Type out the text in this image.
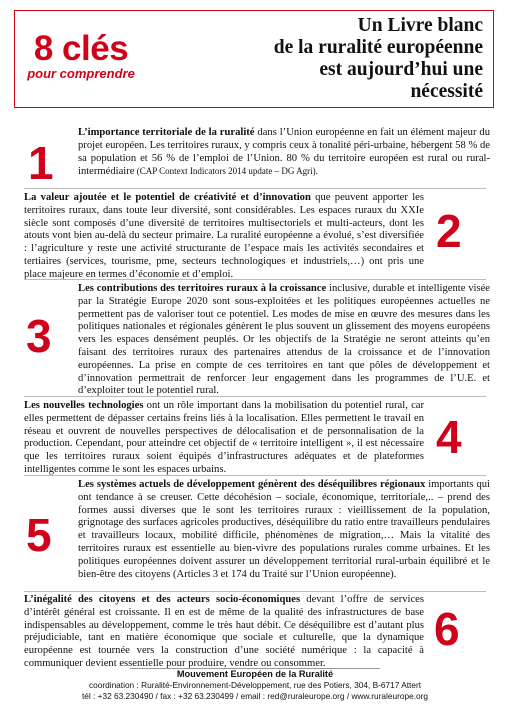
8 clés
pour comprendre
Un Livre blanc
de la ruralité européenne
est aujourd’hui une
nécessité
1
L’importance territoriale de la ruralité dans l’Union européenne en fait un élément majeur du projet européen. Les territoires ruraux, y compris ceux à tonalité péri-urbaine, hébergent 58 % de sa population et 56 % de l’emploi de l’Union. 80 % du territoire européen est rural ou rural-intermédiaire (CAP Context Indicators 2014 update – DG Agri).
La valeur ajoutée et le potentiel de créativité et d’innovation que peuvent apporter les territoires ruraux, dans toute leur diversité, sont considérables. Les espaces ruraux du XXIe siècle sont composés d’une diversité de territoires multisectoriels et multi-acteurs, dont les atouts vont bien au-delà du secteur primaire. La ruralité européenne a évolué, s’est diversifiée : l’agriculture y reste une activité structurante de l’espace mais les activités secondaires et tertiaires (services, tourisme, pme, secteurs technologiques et industriels,…) ont pris une place majeure en termes d’économie et d’emploi.
2
3
Les contributions des territoires ruraux à la croissance inclusive, durable et intelligente visée par la Stratégie Europe 2020 sont sous-exploitées et les politiques européennes actuelles ne permettent pas de valoriser tout ce potentiel. Les modes de mise en œuvre des mesures dans les politiques nationales et régionales génèrent le plus souvent un glissement des moyens européens vers les espaces densément peuplés. Or les objectifs de la Stratégie ne seront atteints qu’en faisant des territoires ruraux des partenaires attendus de la croissance et de l’innovation européennes. La prise en compte de ces territoires en tant que pôles de développement et d’innovation permettrait de renforcer leur engagement dans les programmes de l’U.E. et d’exploiter tout le potentiel rural.
Les nouvelles technologies ont un rôle important dans la mobilisation du potentiel rural, car elles permettent de dépasser certains freins liés à la localisation. Elles permettent le travail en réseau et ouvrent de nouvelles perspectives de délocalisation et de personnalisation de la production. Cependant, pour atteindre cet objectif de « territoire intelligent », il est nécessaire que les territoires ruraux soient équipés d’infrastructures adéquates et de plateformes intelligentes comme le sont les espaces urbains.
4
5
Les systèmes actuels de développement génèrent des déséquilibres régionaux importants qui ont tendance à se creuser. Cette décohésion – sociale, économique, territoriale,.. – prend des formes aussi diverses que le sont les territoires ruraux : vieillissement de la population, grignotage des surfaces agricoles productives, déséquilibre du ratio entre travailleurs pendulaires et travailleurs locaux, mobilité difficile, phénomènes de migration,… Mais la vitalité des territoires ruraux est essentielle au bien-vivre des populations rurales comme urbaines. Et les politiques européennes doivent assurer un développement territorial rural-urbain équilibré et le bien-être des citoyens (Articles 3 et 174 du Traité sur l’Union européenne).
L’inégalité des citoyens et des acteurs socio-économiques devant l’offre de services d’intérêt général est croissante. Il en est de même de la qualité des infrastructures de base indispensables au développement, comme le très haut débit. Ce déséquilibre est d’autant plus préjudiciable, tant en matière économique que sociale et culturelle, que la dynamique européenne est tournée vers la construction d’une société numérique : la capacité à communiquer devient essentielle pour produire, vendre ou consommer.
6
Mouvement Européen de la Ruralité
coordination : Ruralité-Environnement-Développement, rue des Potiers, 304, B-6717 Attert
tél : +32 63.230490 / fax : +32 63.230499 / email : red@ruraleurope.org / www.ruraleurope.org
